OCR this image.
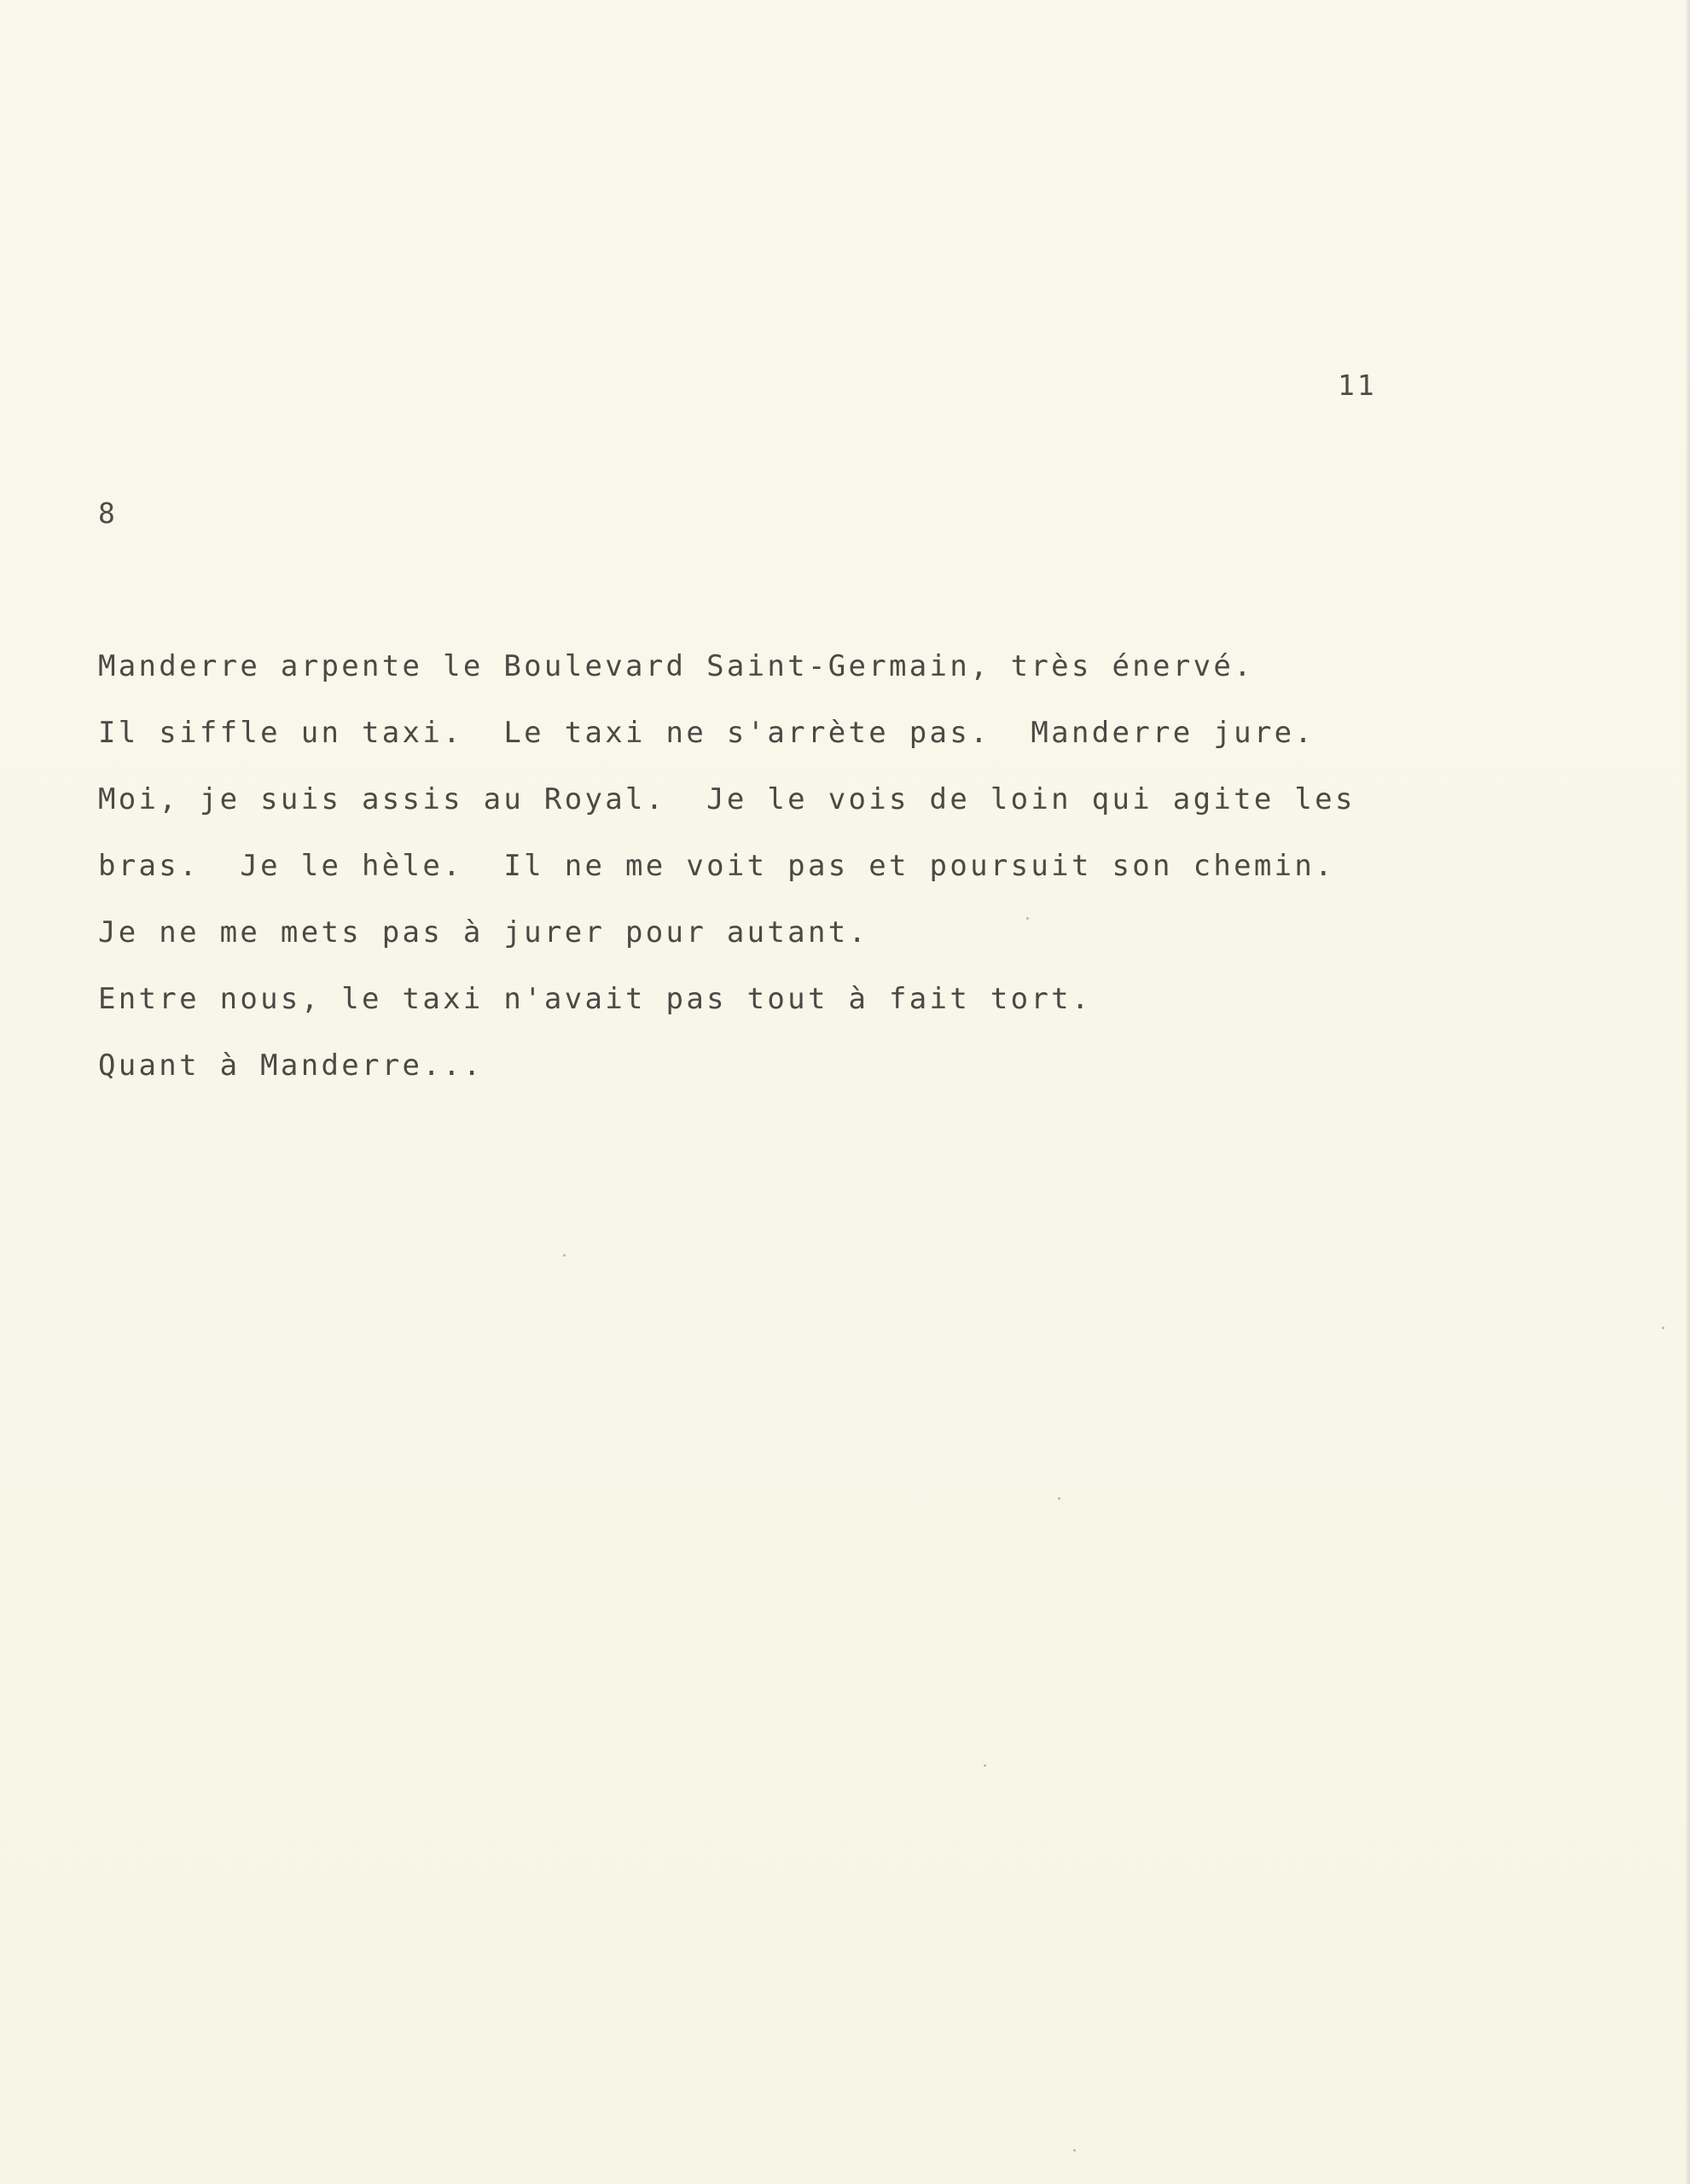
11
8
Manderre arpente le Boulevard Saint-Germain, très énervé.
Il siffle un taxi.  Le taxi ne s'arrète pas.  Manderre jure.
Moi, je suis assis au Royal.  Je le vois de loin qui agite les
bras.  Je le hèle.  Il ne me voit pas et poursuit son chemin.
Je ne me mets pas à jurer pour autant.
Entre nous, le taxi n'avait pas tout à fait tort.
Quant à Manderre...
